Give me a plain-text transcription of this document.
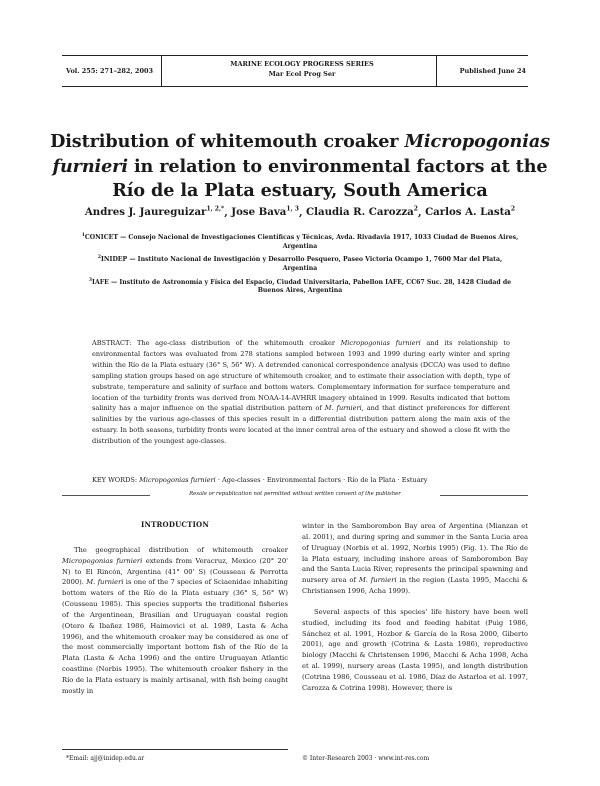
Vol. 255: 271–282, 2003
MARINE ECOLOGY PROGRESS SERIES
Mar Ecol Prog Ser	Published June 24
Distribution of whitemouth croaker Micropogonias furnieri in relation to environmental factors at the Río de la Plata estuary, South America
Andres J. Jaureguizar$^{1, 2,*}$, Jose Bava$^{1, 3}$, Claudia R. Carozza$^2$, Carlos A. Lasta$^2$
$^1$CONICET — Consejo Nacional de Investigaciones Científicas y Técnicas, Avda. Rivadavia 1917, 1033 Ciudad de Buenos Aires, Argentina
$^2$INIDEP — Instituto Nacional de Investigación y Desarrollo Pesquero, Paseo Victoria Ocampo 1, 7600 Mar del Plata, Argentina
$^3$IAFE — Instituto de Astronomía y Física del Espacio, Ciudad Universitaria, Pabellon IAFE, CC67 Suc. 28, 1428 Ciudad de Buenos Aires, Argentina
ABSTRACT: The age-class distribution of the whitemouth croaker Micropogonias furnieri and its relationship to environmental factors was evaluated from 278 stations sampled between 1993 and 1999 during early winter and spring within the Río de la Plata estuary (36° S, 56° W). A detrended canonical correspondence analysis (DCCA) was used to define sampling station groups based on age structure of whitemouth croaker, and to estimate their association with depth, type of substrate, temperature and salinity of surface and bottom waters. Complementary information for surface temperature and location of the turbidity fronts was derived from NOAA-14-AVHRR imagery obtained in 1999. Results indicated that bottom salinity has a major influence on the spatial distribution pattern of M. furnieri, and that distinct preferences for different salinities by the various age-classes of this species result in a differential distribution pattern along the main axis of the estuary. In both seasons, turbidity fronts were located at the inner central area of the estuary and showed a close fit with the distribution of the youngest age-classes.
KEY WORDS: Micropogonias furnieri · Age-classes · Environmental factors · Río de la Plata · Estuary
Resale or republication not permitted without written consent of the publisher
INTRODUCTION

The geographical distribution of whitemouth croaker Micropogonias furnieri extends from Veracruz, Mexico (20° 20' N) to El Rincón, Argentina (41° 00' S) (Cousseau & Perrotta 2000). M. furnieri is one of the 7 species of Sciaenidae inhabiting bottom waters of the Río de la Plata estuary (36° S, 56° W) (Cousseau 1985). This species supports the traditional fisheries of the Argentinean, Brasilian and Uruguayan coastal region (Otero & Ibañez 1986, Haimovici et al. 1989, Lasta & Acha 1996), and the whitemouth croaker may be considered as one of the most commercially important bottom fish of the Río de la Plata (Lasta & Acha 1996) and the entire Uruguayan Atlantic coastline (Norbis 1995). The whitemouth croaker fishery in the Río de la Plata estuary is mainly artisanal, with fish being caught mostly in

winter in the Samborombon Bay area of Argentina (Mianzan et al. 2001), and during spring and summer in the Santa Lucia area of Uruguay (Norbis et al. 1992, Norbis 1995) (Fig. 1). The Río de la Plata estuary, including inshore areas of Samborombon Bay and the Santa Lucia River, represents the principal spawning and nursery area of M. furnieri in the region (Lasta 1995, Macchi & Christiansen 1996, Acha 1999).

Several aspects of this species' life history have been well studied, including its food and feeding habitat (Puig 1986, Sánchez et al. 1991, Hozbor & García de la Rosa 2000, Giberto 2001), age and growth (Cotrina & Lasta 1986), reproductive biology (Macchi & Christensen 1996, Macchi & Acha 1998, Acha et al. 1999), nursery areas (Lasta 1995), and length distribution (Cotrina 1986, Cousseau et al. 1986, Díaz de Astarloa et al. 1997, Carozza & Cotrina 1998). However, there is

*Email: ajj@inidep.edu.ar	© Inter-Research 2003 · www.int-res.com
